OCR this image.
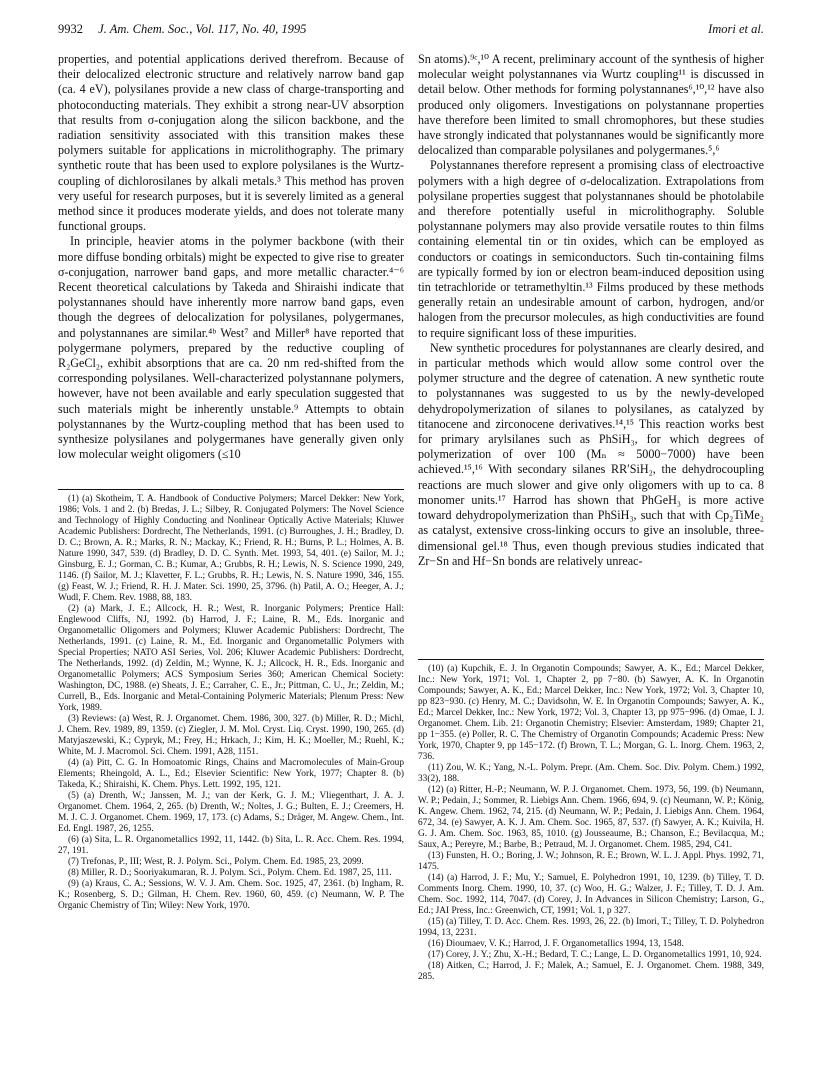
9932 J. Am. Chem. Soc., Vol. 117, No. 40, 1995	Imori et al.

properties, and potential applications derived therefrom. Because of their delocalized electronic structure and relatively narrow band gap (ca. 4 eV), polysilanes provide a new class of charge-transporting and photoconducting materials. They exhibit a strong near-UV absorption that results from σ-conjugation along the silicon backbone, and the radiation sensitivity associated with this transition makes these polymers suitable for applications in microlithography. The primary synthetic route that has been used to explore polysilanes is the Wurtz-coupling of dichlorosilanes by alkali metals.³ This method has proven very useful for research purposes, but it is severely limited as a general method since it produces moderate yields, and does not tolerate many functional groups.

In principle, heavier atoms in the polymer backbone (with their more diffuse bonding orbitals) might be expected to give rise to greater σ-conjugation, narrower band gaps, and more metallic character.⁴⁻⁶ Recent theoretical calculations by Takeda and Shiraishi indicate that polystannanes should have inherently more narrow band gaps, even though the degrees of delocalization for polysilanes, polygermanes, and polystannanes are similar.⁴ᵇ West⁷ and Miller⁸ have reported that polygermane polymers, prepared by the reductive coupling of R₂GeCl₂, exhibit absorptions that are ca. 20 nm red-shifted from the corresponding polysilanes. Well-characterized polystannane polymers, however, have not been available and early speculation suggested that such materials might be inherently unstable.⁹ Attempts to obtain polystannanes by the Wurtz-coupling method that has been used to synthesize polysilanes and polygermanes have generally given only low molecular weight oligomers (≤10

(1) (a) Skotheim, T. A. Handbook of Conductive Polymers; Marcel Dekker: New York, 1986; Vols. 1 and 2. (b) Bredas, J. L.; Silbey, R. Conjugated Polymers: The Novel Science and Technology of Highly Conducting and Nonlinear Optically Active Materials; Kluwer Academic Publishers: Dordrecht, The Netherlands, 1991. (c) Burroughes, J. H.; Bradley, D. D. C.; Brown, A. R.; Marks, R. N.; Mackay, K.; Friend, R. H.; Burns, P. L.; Holmes, A. B. Nature 1990, 347, 539. (d) Bradley, D. D. C. Synth. Met. 1993, 54, 401. (e) Sailor, M. J.; Ginsburg, E. J.; Gorman, C. B.; Kumar, A.; Grubbs, R. H.; Lewis, N. S. Science 1990, 249, 1146. (f) Sailor, M. J.; Klavetter, F. L.; Grubbs, R. H.; Lewis, N. S. Nature 1990, 346, 155. (g) Feast, W. J.; Friend, R. H. J. Mater. Sci. 1990, 25, 3796. (h) Patil, A. O.; Heeger, A. J.; Wudl, F. Chem. Rev. 1988, 88, 183.

(2) (a) Mark, J. E.; Allcock, H. R.; West, R. Inorganic Polymers; Prentice Hall: Englewood Cliffs, NJ, 1992. (b) Harrod, J. F.; Laine, R. M., Eds. Inorganic and Organometallic Oligomers and Polymers; Kluwer Academic Publishers: Dordrecht, The Netherlands, 1991. (c) Laine, R. M., Ed. Inorganic and Organometallic Polymers with Special Properties; NATO ASI Series, Vol. 206; Kluwer Academic Publishers: Dordrecht, The Netherlands, 1992. (d) Zeldin, M.; Wynne, K. J.; Allcock, H. R., Eds. Inorganic and Organometallic Polymers; ACS Symposium Series 360; American Chemical Society: Washington, DC, 1988. (e) Sheats, J. E.; Carraher, C. E., Jr.; Pittman, C. U., Jr.; Zeldin, M.; Currell, B., Eds. Inorganic and Metal-Containing Polymeric Materials; Plenum Press: New York, 1989.

(3) Reviews: (a) West, R. J. Organomet. Chem. 1986, 300, 327. (b) Miller, R. D.; Michl, J. Chem. Rev. 1989, 89, 1359. (c) Ziegler, J. M. Mol. Cryst. Liq. Cryst. 1990, 190, 265. (d) Matyjaszewski, K.; Cypryk, M.; Frey, H.; Hrkach, J.; Kim, H. K.; Moeller, M.; Ruehl, K.; White, M. J. Macromol. Sci. Chem. 1991, A28, 1151.

(4) (a) Pitt, C. G. In Homoatomic Rings, Chains and Macromolecules of Main-Group Elements; Rheingold, A. L., Ed.; Elsevier Scientific: New York, 1977; Chapter 8. (b) Takeda, K.; Shiraishi, K. Chem. Phys. Lett. 1992, 195, 121.

(5) (a) Drenth, W.; Janssen, M. J.; van der Kerk, G. J. M.; Vliegenthart, J. A. J. Organomet. Chem. 1964, 2, 265. (b) Drenth, W.; Noltes, J. G.; Bulten, E. J.; Creemers, H. M. J. C. J. Organomet. Chem. 1969, 17, 173. (c) Adams, S.; Dräger, M. Angew. Chem., Int. Ed. Engl. 1987, 26, 1255.

(6) (a) Sita, L. R. Organometallics 1992, 11, 1442. (b) Sita, L. R. Acc. Chem. Res. 1994, 27, 191.

(7) Trefonas, P., III; West, R. J. Polym. Sci., Polym. Chem. Ed. 1985, 23, 2099.

(8) Miller, R. D.; Sooriyakumaran, R. J. Polym. Sci., Polym. Chem. Ed. 1987, 25, 111.

(9) (a) Kraus, C. A.; Sessions, W. V. J. Am. Chem. Soc. 1925, 47, 2361. (b) Ingham, R. K.; Rosenberg, S. D.; Gilman, H. Chem. Rev. 1960, 60, 459. (c) Neumann, W. P. The Organic Chemistry of Tin; Wiley: New York, 1970.

Sn atoms).⁹ᶜ,¹⁰ A recent, preliminary account of the synthesis of higher molecular weight polystannanes via Wurtz coupling¹¹ is discussed in detail below. Other methods for forming polystannanes⁶,¹⁰,¹² have also produced only oligomers. Investigations on polystannane properties have therefore been limited to small chromophores, but these studies have strongly indicated that polystannanes would be significantly more delocalized than comparable polysilanes and polygermanes.⁵,⁶

Polystannanes therefore represent a promising class of electroactive polymers with a high degree of σ-delocalization. Extrapolations from polysilane properties suggest that polystannanes should be photolabile and therefore potentially useful in microlithography. Soluble polystannane polymers may also provide versatile routes to thin films containing elemental tin or tin oxides, which can be employed as conductors or coatings in semiconductors. Such tin-containing films are typically formed by ion or electron beam-induced deposition using tin tetrachloride or tetramethyltin.¹³ Films produced by these methods generally retain an undesirable amount of carbon, hydrogen, and/or halogen from the precursor molecules, as high conductivities are found to require significant loss of these impurities.

New synthetic procedures for polystannanes are clearly desired, and in particular methods which would allow some control over the polymer structure and the degree of catenation. A new synthetic route to polystannanes was suggested to us by the newly-developed dehydropolymerization of silanes to polysilanes, as catalyzed by titanocene and zirconocene derivatives.¹⁴,¹⁵ This reaction works best for primary arylsilanes such as PhSiH₃, for which degrees of polymerization of over 100 (Mₙ ≈ 5000−7000) have been achieved.¹⁵,¹⁶ With secondary silanes RR′SiH₂, the dehydrocoupling reactions are much slower and give only oligomers with up to ca. 8 monomer units.¹⁷ Harrod has shown that PhGeH₃ is more active toward dehydropolymerization than PhSiH₃, such that with Cp₂TiMe₂ as catalyst, extensive cross-linking occurs to give an insoluble, three-dimensional gel.¹⁸ Thus, even though previous studies indicated that Zr−Sn and Hf−Sn bonds are relatively unreac-

(10) (a) Kupchik, E. J. In Organotin Compounds; Sawyer, A. K., Ed.; Marcel Dekker, Inc.: New York, 1971; Vol. 1, Chapter 2, pp 7−80. (b) Sawyer, A. K. In Organotin Compounds; Sawyer, A. K., Ed.; Marcel Dekker, Inc.: New York, 1972; Vol. 3, Chapter 10, pp 823−930. (c) Henry, M. C.; Davidsohn, W. E. In Organotin Compounds; Sawyer, A. K., Ed.; Marcel Dekker, Inc.: New York, 1972; Vol. 3, Chapter 13, pp 975−996. (d) Omae, I. J. Organomet. Chem. Lib. 21: Organotin Chemistry; Elsevier: Amsterdam, 1989; Chapter 21, pp 1−355. (e) Poller, R. C. The Chemistry of Organotin Compounds; Academic Press: New York, 1970, Chapter 9, pp 145−172. (f) Brown, T. L.; Morgan, G. L. Inorg. Chem. 1963, 2, 736.

(11) Zou, W. K.; Yang, N.-L. Polym. Prepr. (Am. Chem. Soc. Div. Polym. Chem.) 1992, 33(2), 188.

(12) (a) Ritter, H.-P.; Neumann, W. P. J. Organomet. Chem. 1973, 56, 199. (b) Neumann, W. P.; Pedain, J.; Sommer, R. Liebigs Ann. Chem. 1966, 694, 9. (c) Neumann, W. P.; König, K. Angew. Chem. 1962, 74, 215. (d) Neumann, W. P.; Pedain, J. Liebigs Ann. Chem. 1964, 672, 34. (e) Sawyer, A. K. J. Am. Chem. Soc. 1965, 87, 537. (f) Sawyer, A. K.; Kuivila, H. G. J. Am. Chem. Soc. 1963, 85, 1010. (g) Jousseaume, B.; Chanson, E.; Bevilacqua, M.; Saux, A.; Pereyre, M.; Barbe, B.; Petraud, M. J. Organomet. Chem. 1985, 294, C41.

(13) Funsten, H. O.; Boring, J. W.; Johnson, R. E.; Brown, W. L. J. Appl. Phys. 1992, 71, 1475.

(14) (a) Harrod, J. F.; Mu, Y.; Samuel, E. Polyhedron 1991, 10, 1239. (b) Tilley, T. D. Comments Inorg. Chem. 1990, 10, 37. (c) Woo, H. G.; Walzer, J. F.; Tilley, T. D. J. Am. Chem. Soc. 1992, 114, 7047. (d) Corey, J. In Advances in Silicon Chemistry; Larson, G., Ed.; JAI Press, Inc.: Greenwich, CT, 1991; Vol. 1, p 327.

(15) (a) Tilley, T. D. Acc. Chem. Res. 1993, 26, 22. (b) Imori, T.; Tilley, T. D. Polyhedron 1994, 13, 2231.

(16) Dioumaev, V. K.; Harrod, J. F. Organometallics 1994, 13, 1548.

(17) Corey, J. Y.; Zhu, X.-H.; Bedard, T. C.; Lange, L. D. Organometallics 1991, 10, 924.

(18) Aitken, C.; Harrod, J. F.; Malek, A.; Samuel, E. J. Organomet. Chem. 1988, 349, 285.
